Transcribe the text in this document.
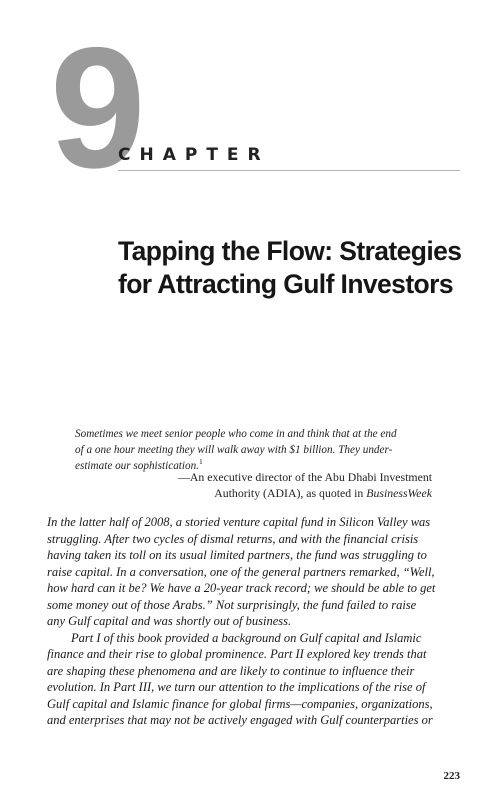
9
CHAPTER
Tapping the Flow: Strategies
for Attracting Gulf Investors
Sometimes we meet senior people who come in and think that at the end
of a one hour meeting they will walk away with $1 billion. They under-
estimate our sophistication.$^1$
—An executive director of the Abu Dhabi Investment
Authority (ADIA), as quoted in BusinessWeek
In the latter half of 2008, a storied venture capital fund in Silicon Valley was
struggling. After two cycles of dismal returns, and with the financial crisis
having taken its toll on its usual limited partners, the fund was struggling to
raise capital. In a conversation, one of the general partners remarked, “Well,
how hard can it be? We have a 20-year track record; we should be able to get
some money out of those Arabs.” Not surprisingly, the fund failed to raise
any Gulf capital and was shortly out of business.
Part I of this book provided a background on Gulf capital and Islamic
finance and their rise to global prominence. Part II explored key trends that
are shaping these phenomena and are likely to continue to influence their
evolution. In Part III, we turn our attention to the implications of the rise of
Gulf capital and Islamic finance for global firms—companies, organizations,
and enterprises that may not be actively engaged with Gulf counterparties or
223
